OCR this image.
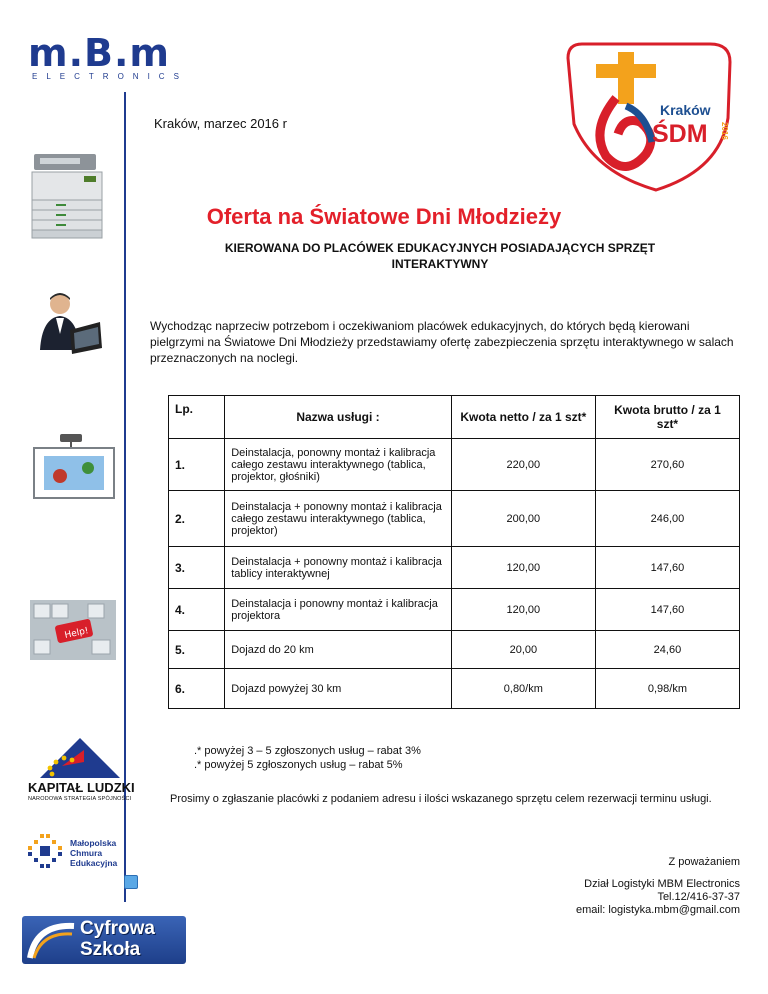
m.B.m
ELECTRONICS
Kraków
ŚDM 2016
Kraków, marzec 2016 r
Help!
Oferta na Światowe Dni Młodzieży
KIEROWANA DO PLACÓWEK EDUKACYJNYCH POSIADAJĄCYCH SPRZĘT INTERAKTYWNY
Wychodząc naprzeciw potrzebom i oczekiwaniom placówek edukacyjnych, do których będą kierowani pielgrzymi na Światowe Dni Młodzieży przedstawiamy ofertę zabezpieczenia sprzętu interaktywnego w salach przeznaczonych na noclegi.
Lp.	Nazwa usługi :	Kwota netto / za 1 szt*	Kwota brutto / za 1 szt*
1.	Deinstalacja, ponowny montaż i kalibracja całego zestawu interaktywnego (tablica, projektor, głośniki)	220,00	270,60
2.	Deinstalacja + ponowny montaż i kalibracja całego zestawu interaktywnego (tablica, projektor)	200,00	246,00
3.	Deinstalacja + ponowny montaż i kalibracja tablicy interaktywnej	120,00	147,60
4.	Deinstalacja i ponowny montaż i kalibracja projektora	120,00	147,60
5.	Dojazd do 20 km	20,00	24,60
6.	Dojazd powyżej 30 km	0,80/km	0,98/km
.* powyżej 3 – 5 zgłoszonych usług – rabat 3%
.* powyżej 5 zgłoszonych usług – rabat 5%
KAPITAŁ LUDZKI
NARODOWA STRATEGIA SPÓJNOŚCI	Prosimy o zgłaszanie placówki z podaniem adresu i ilości wskazanego sprzętu celem rezerwacji terminu usługi.
Małopolska
Chmura
Edukacyjna	Z poważaniem
Dział Logistyki MBM Electronics
Tel.12/416-37-37
email: logistyka.mbm@gmail.com
Cyfrowa
Szkoła
